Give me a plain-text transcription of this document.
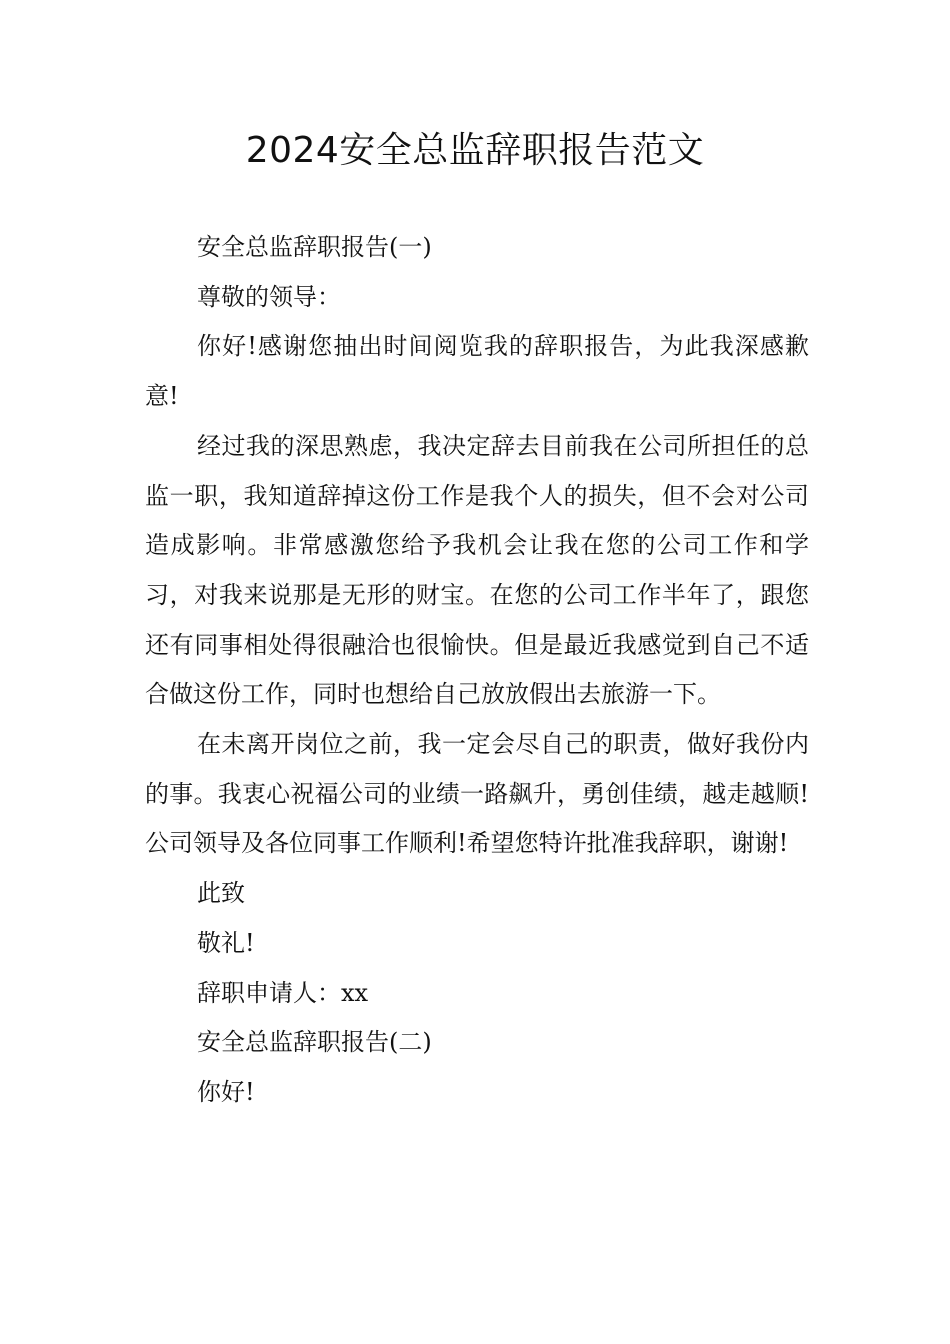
2024安全总监辞职报告范文

安全总监辞职报告(一)

尊敬的领导：

你好!感谢您抽出时间阅览我的辞职报告，为此我深感歉意!

经过我的深思熟虑，我决定辞去目前我在公司所担任的总监一职，我知道辞掉这份工作是我个人的损失，但不会对公司造成影响。非常感激您给予我机会让我在您的公司工作和学习，对我来说那是无形的财宝。在您的公司工作半年了，跟您还有同事相处得很融洽也很愉快。但是最近我感觉到自己不适合做这份工作，同时也想给自己放放假出去旅游一下。

在未离开岗位之前，我一定会尽自己的职责，做好我份内的事。我衷心祝福公司的业绩一路飙升，勇创佳绩，越走越顺!公司领导及各位同事工作顺利!希望您特许批准我辞职，谢谢!

此致

敬礼!

辞职申请人：xx

安全总监辞职报告(二)

你好!
